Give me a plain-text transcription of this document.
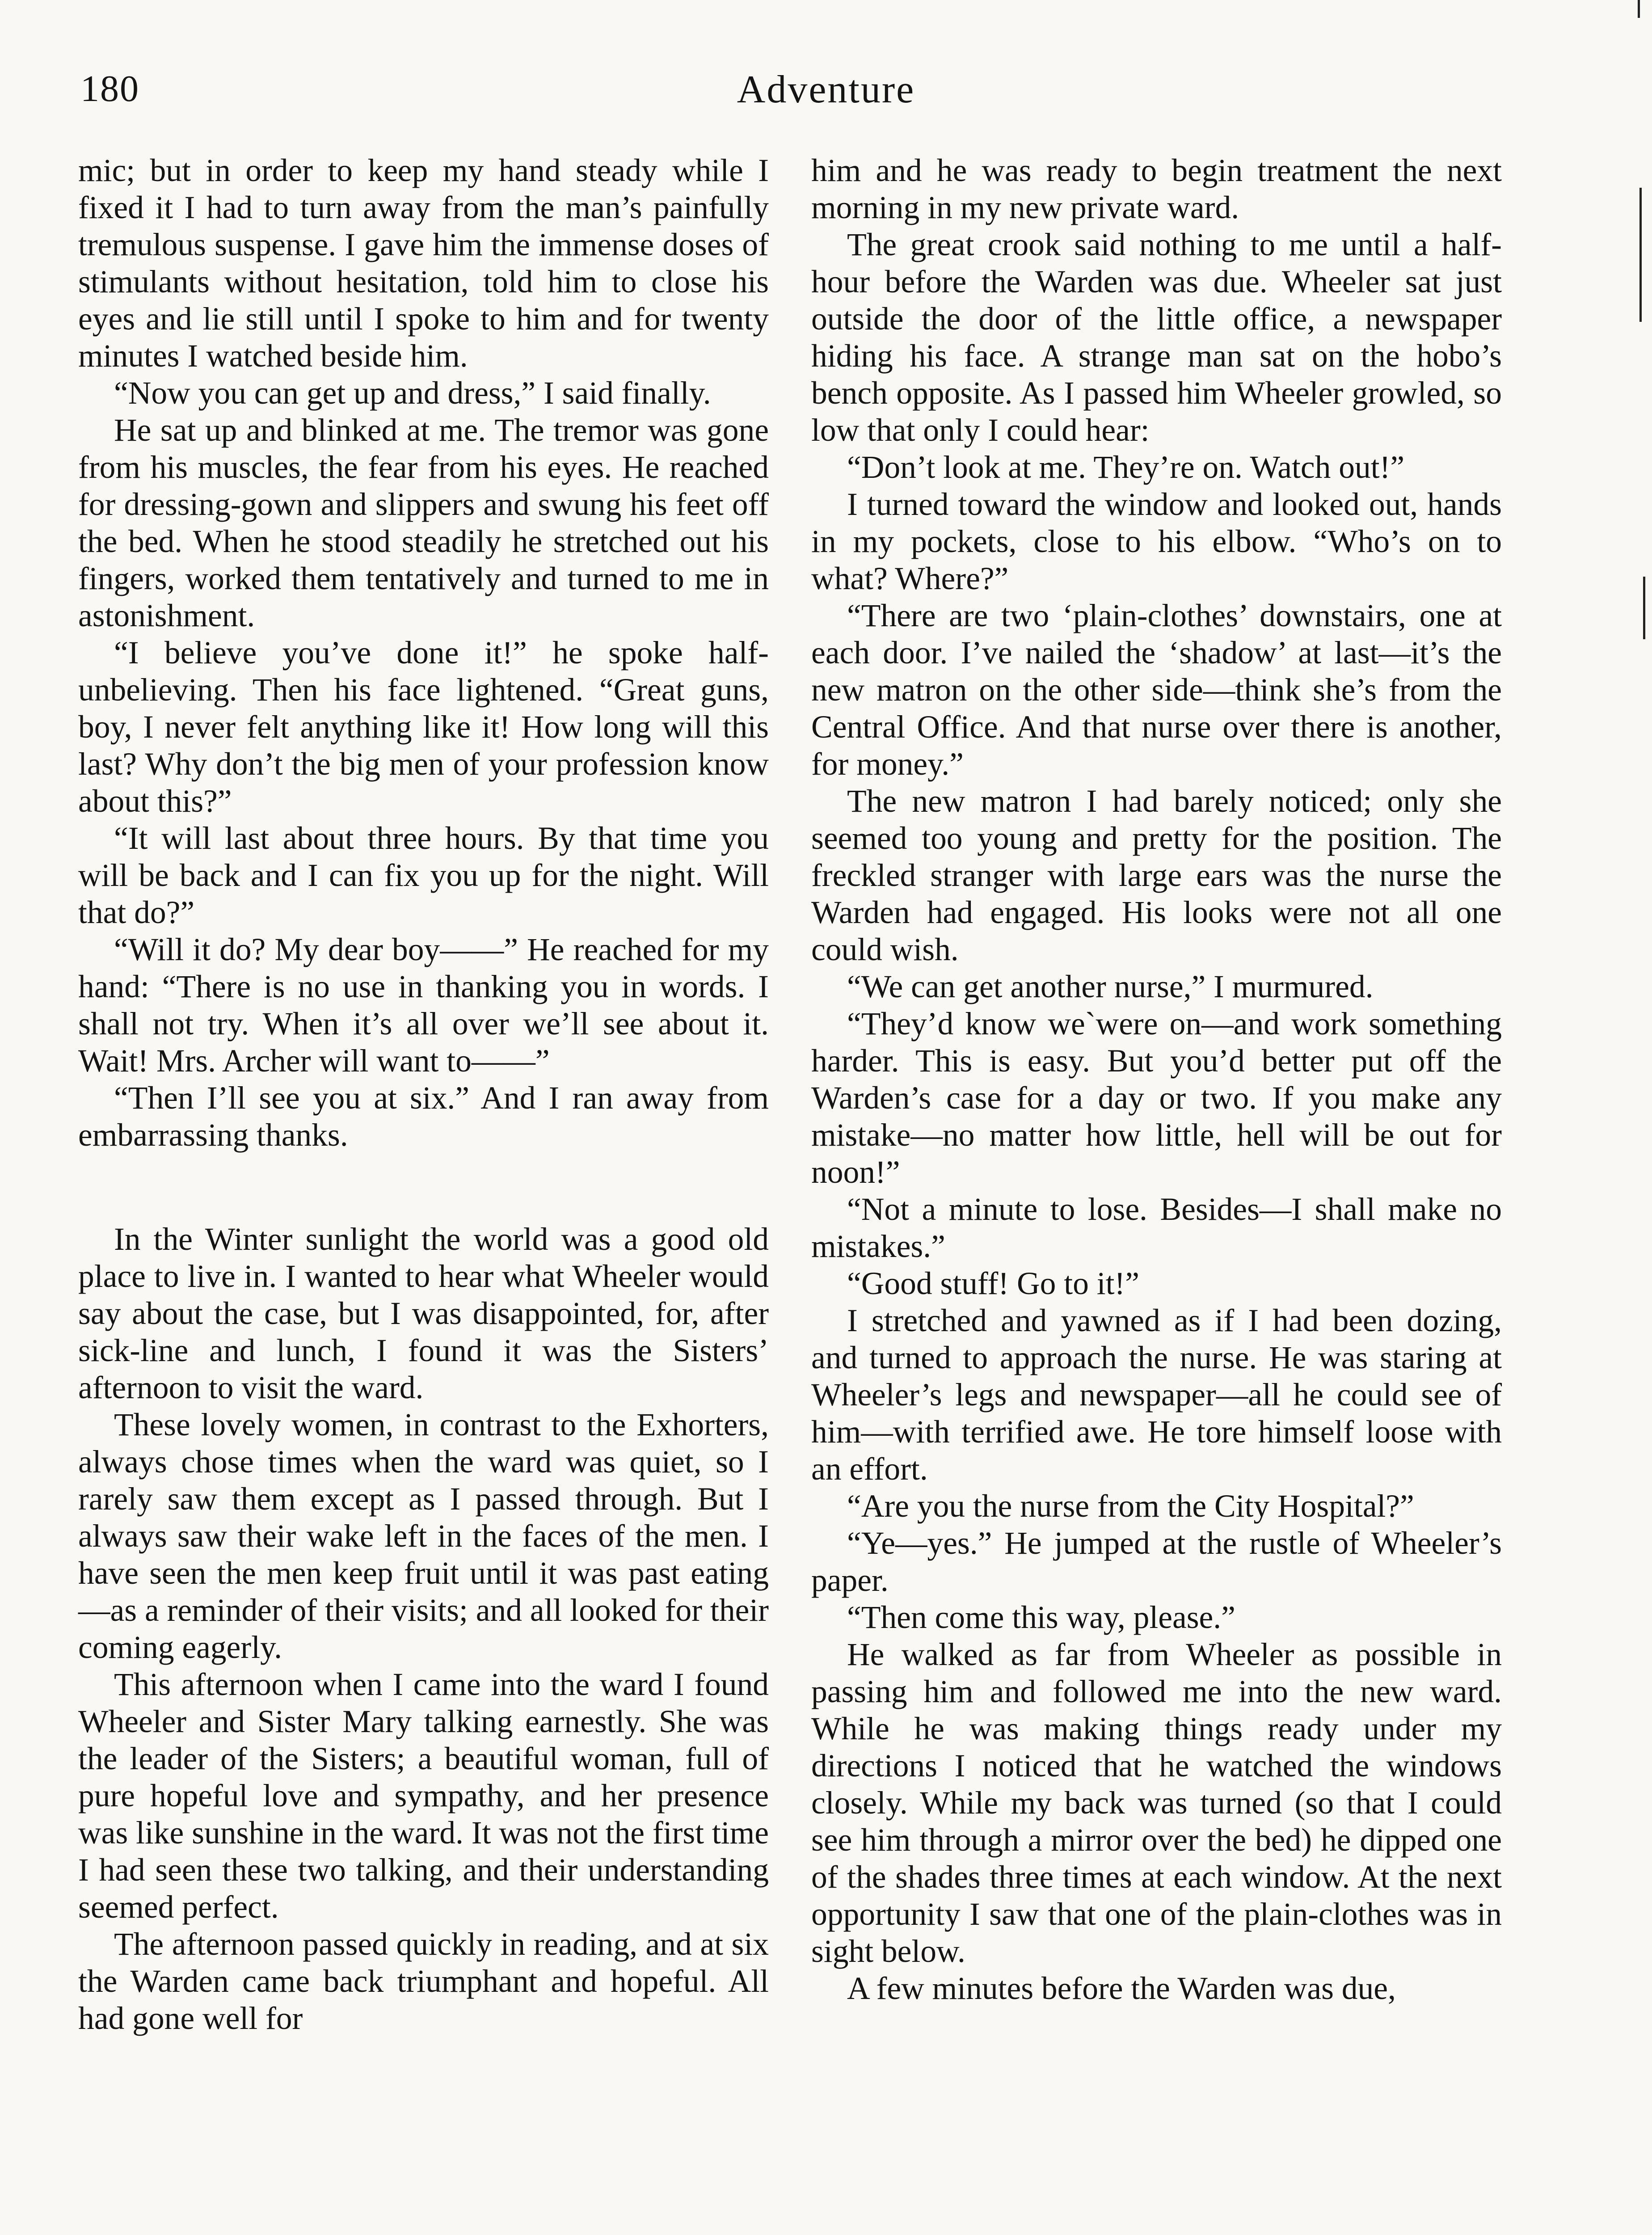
180	Adventure

mic; but in order to keep my hand steady while I fixed it I had to turn away from the man’s painfully tremulous suspense. I gave him the immense doses of stimulants without hesitation, told him to close his eyes and lie still until I spoke to him and for twenty minutes I watched beside him.

“Now you can get up and dress,” I said finally.

He sat up and blinked at me. The tremor was gone from his muscles, the fear from his eyes. He reached for dressing-gown and slippers and swung his feet off the bed. When he stood steadily he stretched out his fingers, worked them tentatively and turned to me in astonishment.

“I believe you’ve done it!” he spoke half-unbelieving. Then his face lightened. “Great guns, boy, I never felt anything like it! How long will this last? Why don’t the big men of your profession know about this?”

“It will last about three hours. By that time you will be back and I can fix you up for the night. Will that do?”

“Will it do? My dear boy——” He reached for my hand: “There is no use in thanking you in words. I shall not try. When it’s all over we’ll see about it. Wait! Mrs. Archer will want to——”

“Then I’ll see you at six.” And I ran away from embarrassing thanks.

In the Winter sunlight the world was a good old place to live in. I wanted to hear what Wheeler would say about the case, but I was disappointed, for, after sick-line and lunch, I found it was the Sisters’ afternoon to visit the ward.

These lovely women, in contrast to the Exhorters, always chose times when the ward was quiet, so I rarely saw them except as I passed through. But I always saw their wake left in the faces of the men. I have seen the men keep fruit until it was past eating—as a reminder of their visits; and all looked for their coming eagerly.

This afternoon when I came into the ward I found Wheeler and Sister Mary talking earnestly. She was the leader of the Sisters; a beautiful woman, full of pure hopeful love and sympathy, and her presence was like sunshine in the ward. It was not the first time I had seen these two talking, and their understanding seemed perfect.

The afternoon passed quickly in reading, and at six the Warden came back triumphant and hopeful. All had gone well for

him and he was ready to begin treatment the next morning in my new private ward.

The great crook said nothing to me until a half-hour before the Warden was due. Wheeler sat just outside the door of the little office, a newspaper hiding his face. A strange man sat on the hobo’s bench opposite. As I passed him Wheeler growled, so low that only I could hear:

“Don’t look at me. They’re on. Watch out!”

I turned toward the window and looked out, hands in my pockets, close to his elbow. “Who’s on to what? Where?”

“There are two ‘plain-clothes’ downstairs, one at each door. I’ve nailed the ‘shadow’ at last—it’s the new matron on the other side—think she’s from the Central Office. And that nurse over there is another, for money.”

The new matron I had barely noticed; only she seemed too young and pretty for the position. The freckled stranger with large ears was the nurse the Warden had engaged. His looks were not all one could wish.

“We can get another nurse,” I murmured.

“They’d know we`were on—and work something harder. This is easy. But you’d better put off the Warden’s case for a day or two. If you make any mistake—no matter how little, hell will be out for noon!”

“Not a minute to lose. Besides—I shall make no mistakes.”

“Good stuff! Go to it!”

I stretched and yawned as if I had been dozing, and turned to approach the nurse. He was staring at Wheeler’s legs and newspaper—all he could see of him—with terrified awe. He tore himself loose with an effort.

“Are you the nurse from the City Hospital?”

“Ye—yes.” He jumped at the rustle of Wheeler’s paper.

“Then come this way, please.”

He walked as far from Wheeler as possible in passing him and followed me into the new ward. While he was making things ready under my directions I noticed that he watched the windows closely. While my back was turned (so that I could see him through a mirror over the bed) he dipped one of the shades three times at each window. At the next opportunity I saw that one of the plain-clothes was in sight below.

A few minutes before the Warden was due,
